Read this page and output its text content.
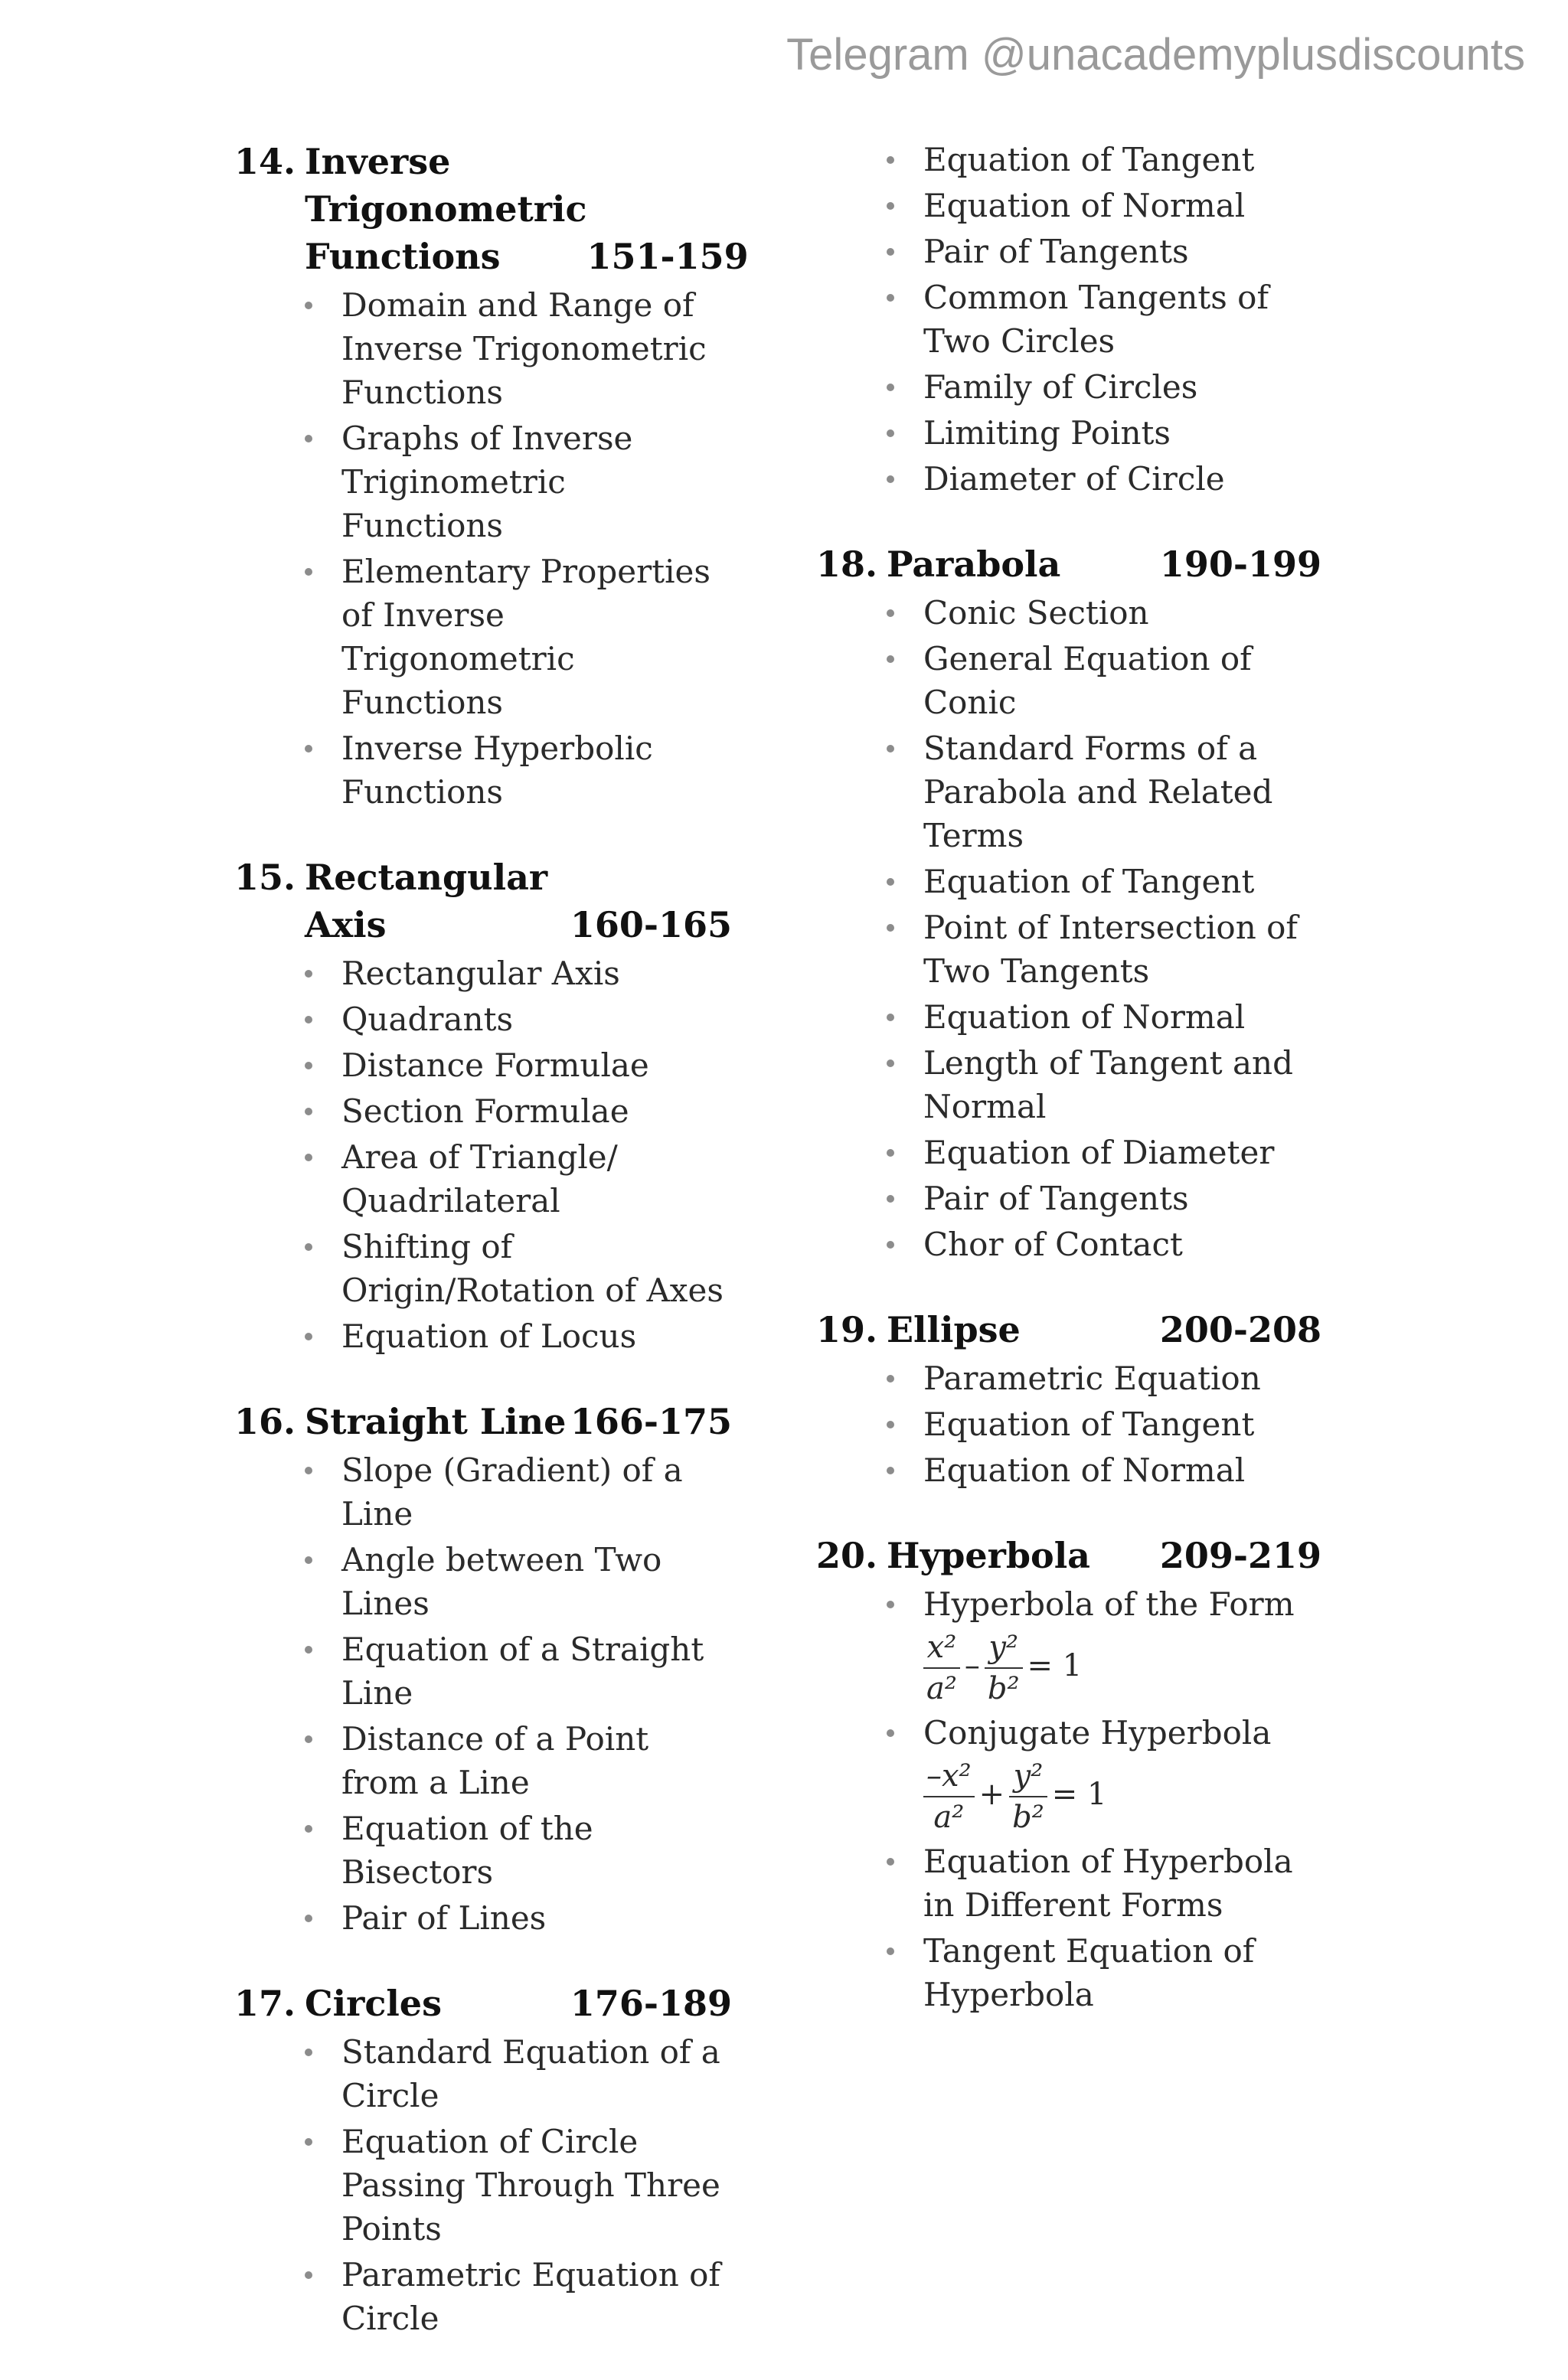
Telegram @unacademyplusdiscounts
14. Inverse Trigonometric Functions	151-159
Domain and Range of Inverse Trigonometric Functions
Graphs of Inverse Triginometric Functions
Elementary Properties of Inverse Trigonometric Functions
Inverse Hyperbolic Functions
15. Rectangular Axis	160-165
Rectangular Axis
Quadrants
Distance Formulae
Section Formulae
Area of Triangle/ Quadrilateral
Shifting of Origin/Rotation of Axes
Equation of Locus
16. Straight Line 166-175
Slope (Gradient) of a Line
Angle between Two Lines
Equation of a Straight Line
Distance of a Point from a Line
Equation of the Bisectors
Pair of Lines
17. Circles	176-189
Standard Equation of a Circle
Equation of Circle Passing Through Three Points
Parametric Equation of Circle
Equation of Tangent
Equation of Normal
Pair of Tangents
Common Tangents of Two Circles
Family of Circles
Limiting Points
Diameter of Circle
18. Parabola	190-199
Conic Section
General Equation of Conic
Standard Forms of a Parabola and Related Terms
Equation of Tangent
Point of Intersection of Two Tangents
Equation of Normal
Length of Tangent and Normal
Equation of Diameter
Pair of Tangents
Chor of Contact
19. Ellipse	200-208
Parametric Equation
Equation of Tangent
Equation of Normal
20. Hyperbola	209-219
Hyperbola of the Form
$\frac{\text{x²}}{\text{a²}} - \frac{\text{y²}}{\text{b²}} = 1$
Conjugate Hyperbola
$\frac{\text{–x²}}{\text{a²}} + \frac{\text{y²}}{\text{b²}} = 1$
Equation of Hyperbola in Different Forms
Tangent Equation of Hyperbola
